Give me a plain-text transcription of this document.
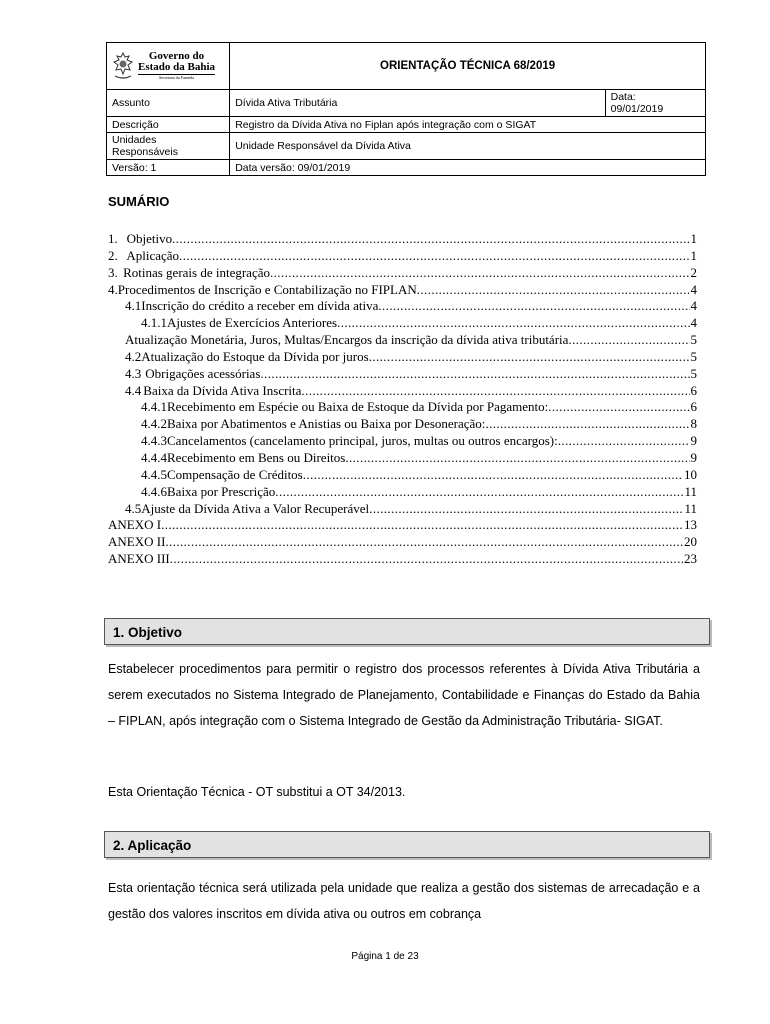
Governo do
Estado da Bahia
Secretaria da Fazenda	ORIENTAÇÃO TÉCNICA 68/2019	
Assunto	Dívida Ativa Tributária	Data:
09/01/2019

Descrição	Registro da Dívida Ativa no Fiplan após integração com o SIGAT	
Unidades Responsáveis	Unidade Responsável da Dívida Ativa	
Versão: 1	Data versão: 09/01/2019	
SUMÁRIO
1. Objetivo .....	1
2. Aplicação .....	1
3. Rotinas gerais de integração .....	2
4. Procedimentos de Inscrição e Contabilização no FIPLAN .....	4
4.1 Inscrição do crédito a receber em dívida ativa .....	4
4.1.1 Ajustes de Exercícios Anteriores .....	4
Atualização Monetária, Juros, Multas/Encargos da inscrição da dívida ativa tributária .....	5
4.2 Atualização do Estoque da Dívida por juros .....	5
4.3 Obrigações acessórias .....	5
4.4 Baixa da Dívida Ativa Inscrita .....	6
4.4.1 Recebimento em Espécie ou Baixa de Estoque da Dívida por Pagamento: .....	6
4.4.2 Baixa por Abatimentos e Anistias ou Baixa por Desoneração: .....	8
4.4.3 Cancelamentos (cancelamento principal, juros, multas ou outros encargos): .....	9
4.4.4 Recebimento em Bens ou Direitos .....	9
4.4.5 Compensação de Créditos .....	10
4.4.6 Baixa por Prescrição .....	11
4.5 Ajuste da Dívida Ativa a Valor Recuperável .....	11
ANEXO I .....	13
ANEXO II .....	20
ANEXO III .....	23
1. Objetivo
Estabelecer procedimentos para permitir o registro dos processos referentes à Dívida Ativa Tributária a serem executados no Sistema Integrado de Planejamento, Contabilidade e Finanças do Estado da Bahia – FIPLAN, após integração com o Sistema Integrado de Gestão da Administração Tributária- SIGAT.
Esta Orientação Técnica - OT substitui a OT 34/2013.
2. Aplicação
Esta orientação técnica será utilizada pela unidade que realiza a gestão dos sistemas de arrecadação e a gestão dos valores inscritos em dívida ativa ou outros em cobrança
Página 1 de 23
